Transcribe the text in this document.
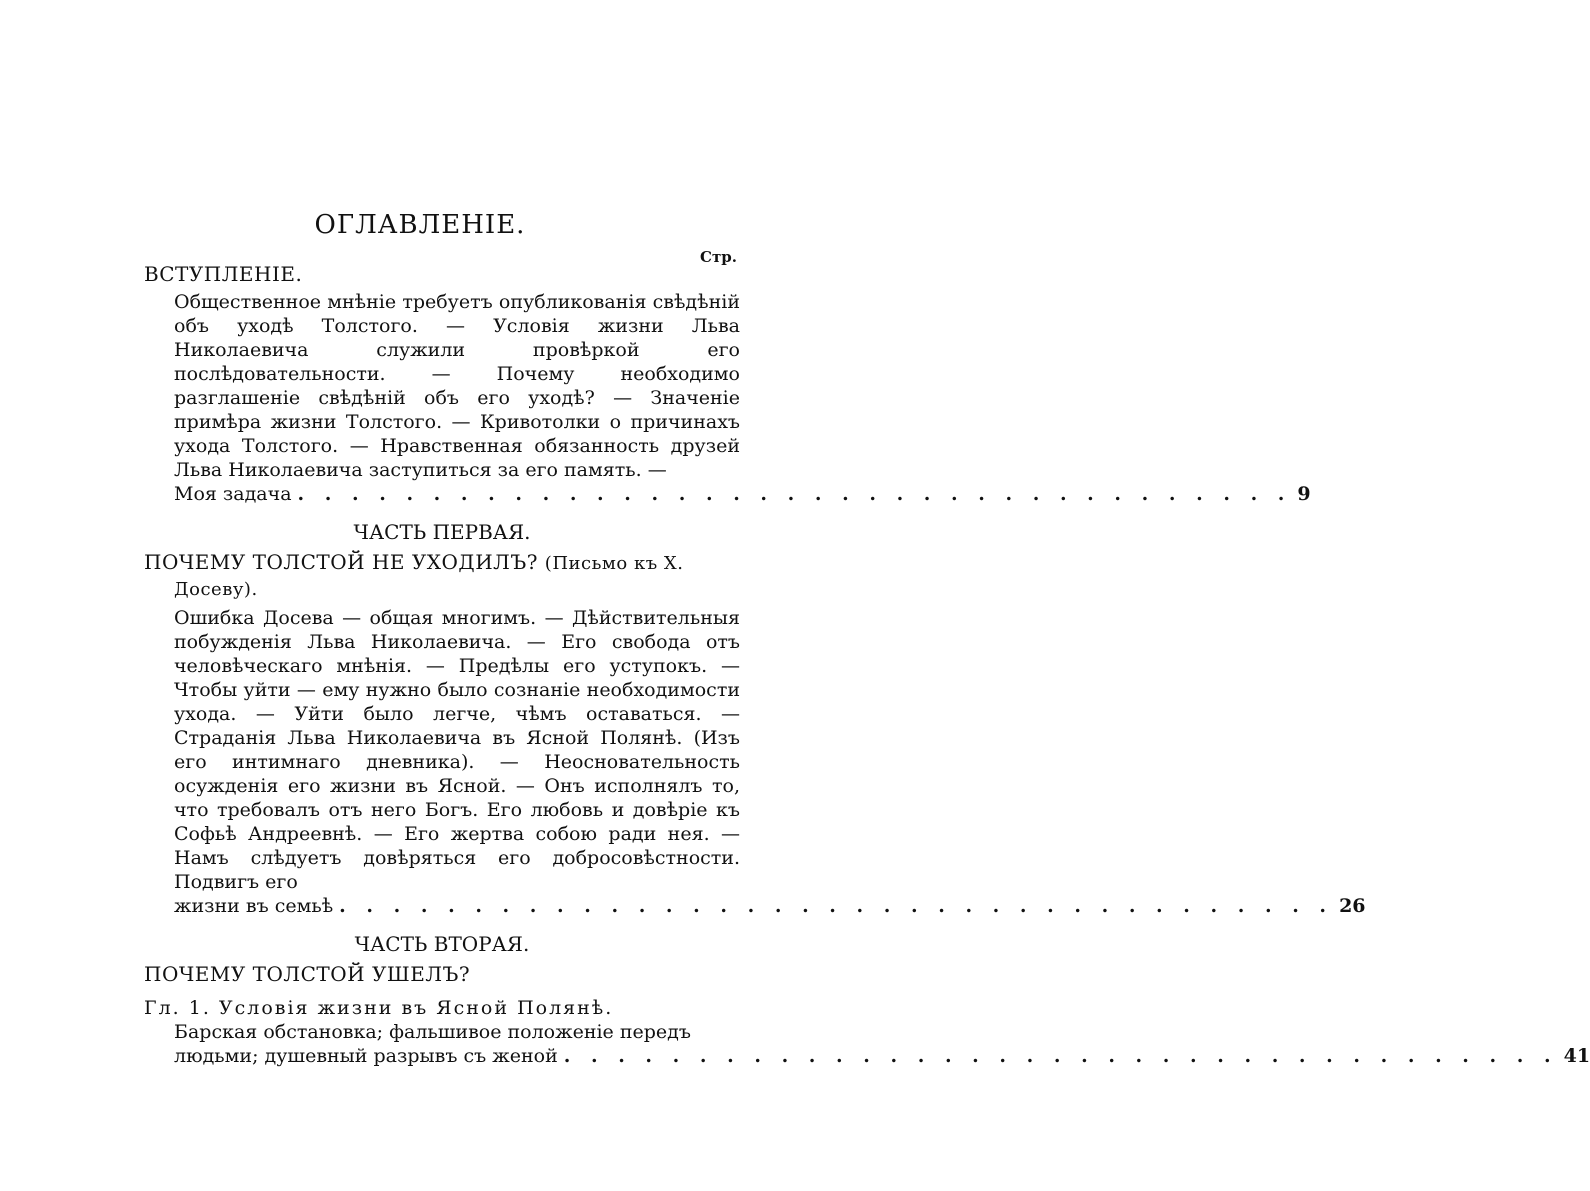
ОГЛАВЛЕНІЕ.
Стр.
ВСТУПЛЕНІЕ.
Общественное мнѣніе требуетъ опубликованія свѣдѣній объ уходѣ Толстого. — Условія жизни Льва Николаевича служили провѣркой его послѣдовательности. — Почему необходимо разглашеніе свѣдѣній объ его уходѣ? — Значеніе примѣра жизни Толстого. — Кривотолки о причинахъ ухода Толстого. — Нравственная обязанность друзей Льва Николаевича заступиться за его память. —
Моя задача . . . . . . . . . . . . . . . . . . . . . . . . . . . . . . . . . . . . . 9
ЧАСТЬ ПЕРВАЯ.
ПОЧЕМУ ТОЛСТОЙ НЕ УХОДИЛЪ? (Письмо къ Х. Досеву).
Ошибка Досева — общая многимъ. — Дѣйствительныя побужденія Льва Николаевича. — Его свобода отъ человѣческаго мнѣнія. — Предѣлы его уступокъ. — Чтобы уйти — ему нужно было сознаніе необходимости ухода. — Уйти было легче, чѣмъ оставаться. — Страданія Льва Николаевича въ Ясной Полянѣ. (Изъ его интимнаго дневника). — Неосновательность осужденія его жизни въ Ясной. — Онъ исполнялъ то, что требовалъ отъ него Богъ. Его любовь и довѣріе къ Софьѣ Андреевнѣ. — Его жертва собою ради нея. — Намъ слѣдуетъ довѣряться его добросовѣстности. Подвигъ его
жизни въ семьѣ . . . . . . . . . . . . . . . . . . . . . . . . . . . . . . . . . . . . . 26
ЧАСТЬ ВТОРАЯ.
ПОЧЕМУ ТОЛСТОЙ УШЕЛЪ?
Гл. 1. Условія жизни въ Ясной Полянѣ.
Барская обстановка; фальшивое положеніе передъ
людьми; душевный разрывъ съ женой . . . . . . . . . . . . . . . . . . . . . . . . . . . . . . . . . . . . . 41
